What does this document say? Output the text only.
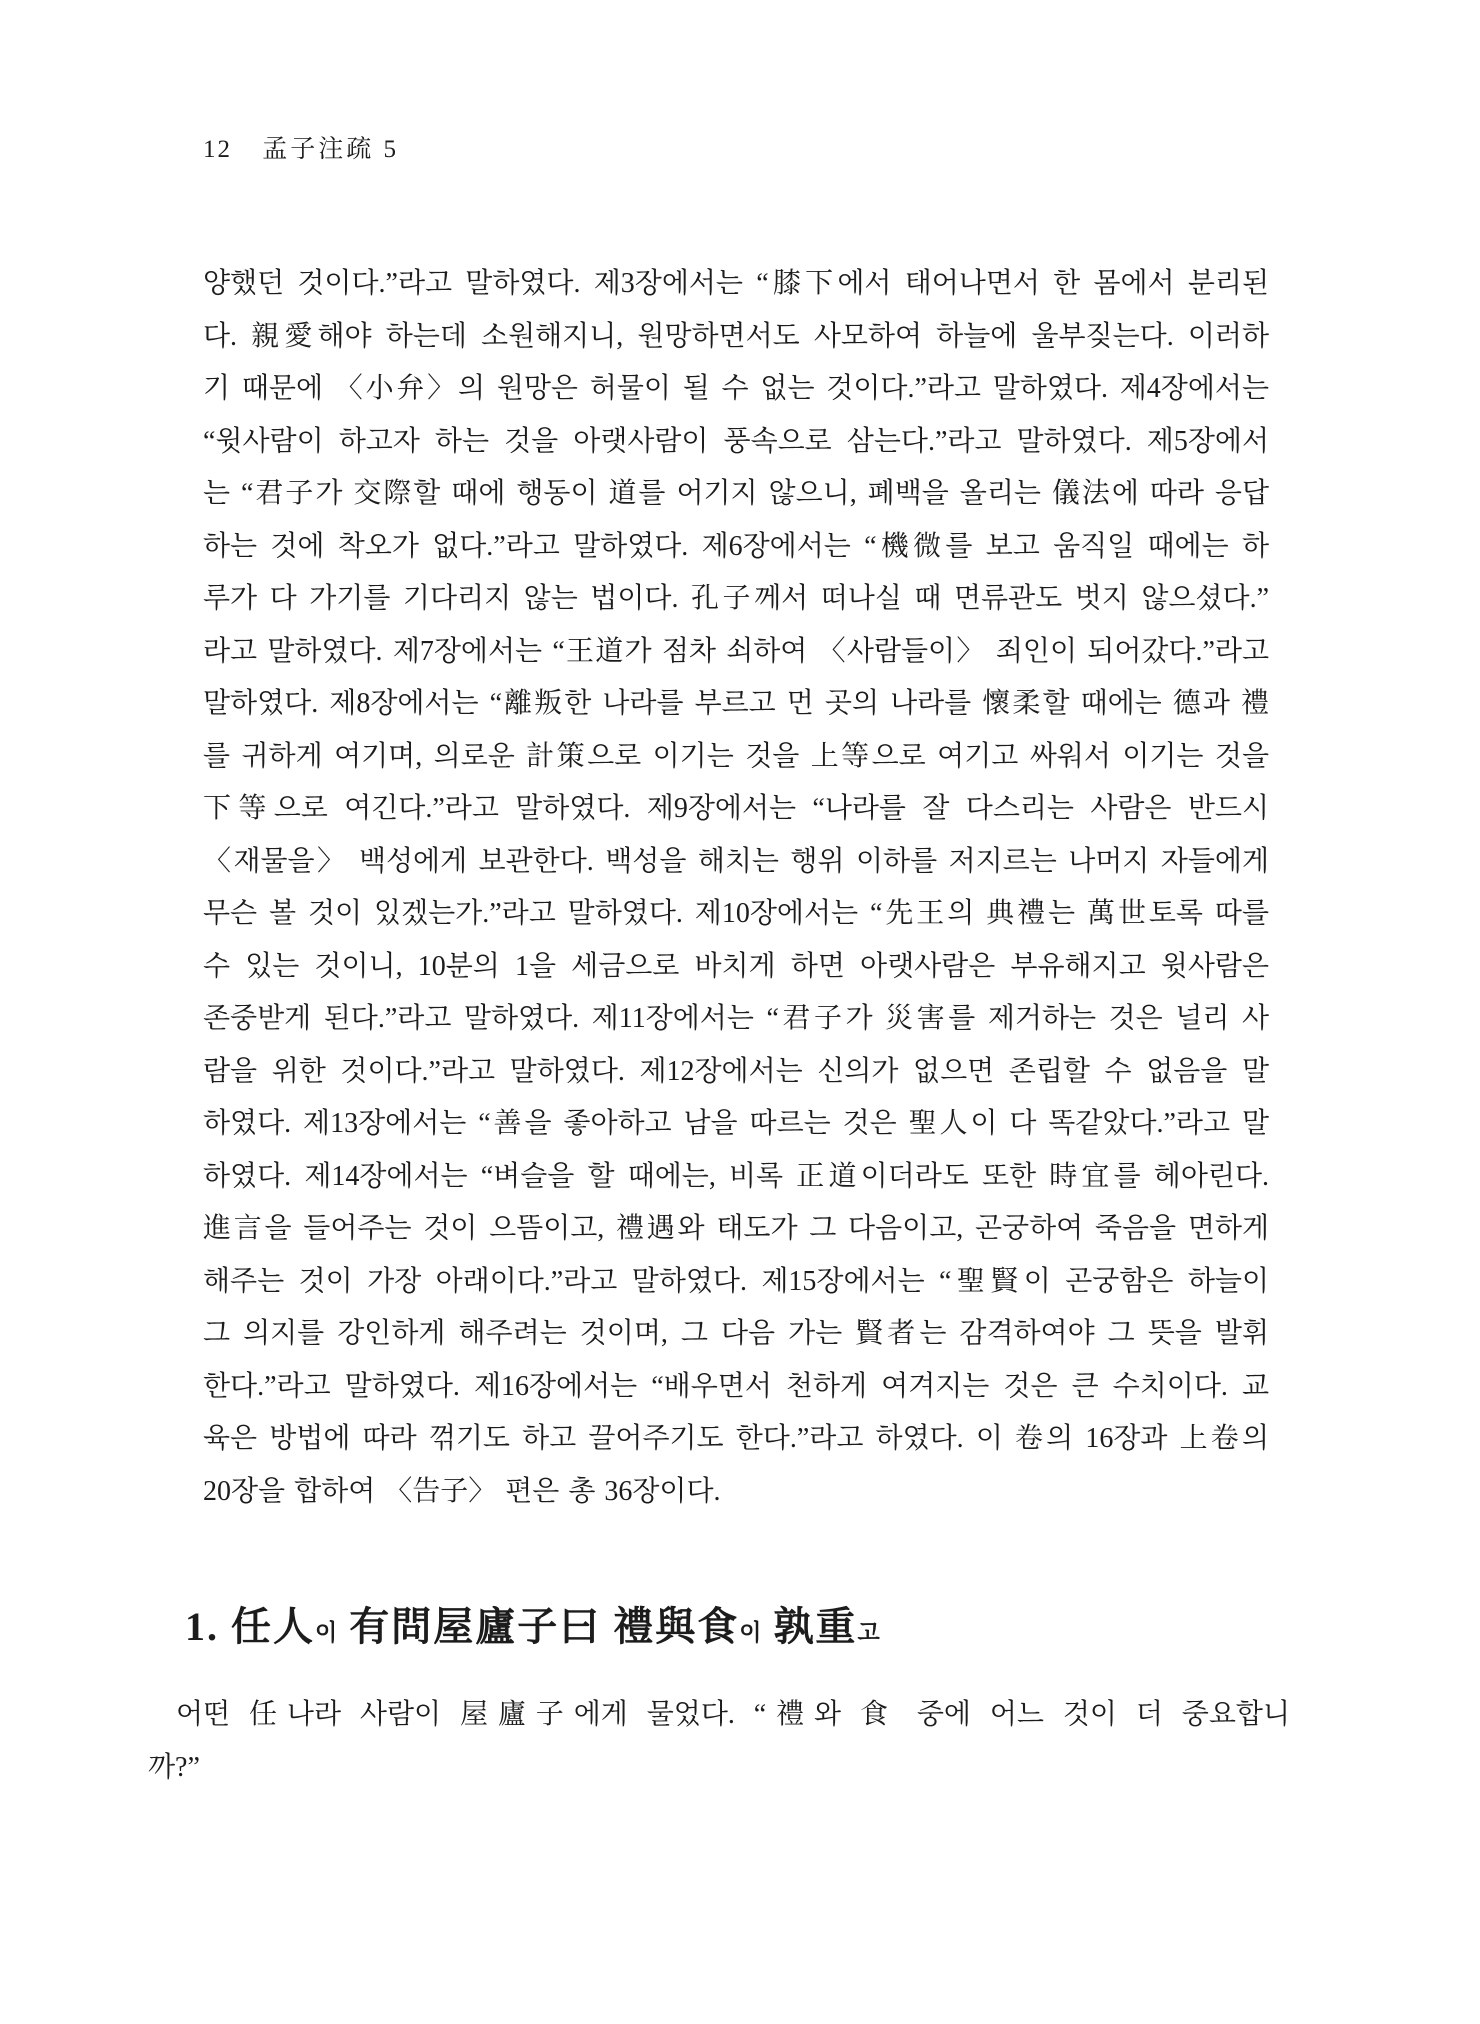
12 孟子注疏 5
양했던 것이다.”라고 말하였다. 제3장에서는 “膝下에서 태어나면서 한 몸에서 분리된
다. 親愛해야 하는데 소원해지니, 원망하면서도 사모하여 하늘에 울부짖는다. 이러하
기 때문에 〈小弁〉의 원망은 허물이 될 수 없는 것이다.”라고 말하였다. 제4장에서는
“윗사람이 하고자 하는 것을 아랫사람이 풍속으로 삼는다.”라고 말하였다. 제5장에서
는 “君子가 交際할 때에 행동이 道를 어기지 않으니, 폐백을 올리는 儀法에 따라 응답
하는 것에 착오가 없다.”라고 말하였다. 제6장에서는 “機微를 보고 움직일 때에는 하
루가 다 가기를 기다리지 않는 법이다. 孔子께서 떠나실 때 면류관도 벗지 않으셨다.”
라고 말하였다. 제7장에서는 “王道가 점차 쇠하여 〈사람들이〉 죄인이 되어갔다.”라고
말하였다. 제8장에서는 “離叛한 나라를 부르고 먼 곳의 나라를 懷柔할 때에는 德과 禮
를 귀하게 여기며, 의로운 計策으로 이기는 것을 上等으로 여기고 싸워서 이기는 것을
下等으로 여긴다.”라고 말하였다. 제9장에서는 “나라를 잘 다스리는 사람은 반드시
〈재물을〉 백성에게 보관한다. 백성을 해치는 행위 이하를 저지르는 나머지 자들에게
무슨 볼 것이 있겠는가.”라고 말하였다. 제10장에서는 “先王의 典禮는 萬世토록 따를
수 있는 것이니, 10분의 1을 세금으로 바치게 하면 아랫사람은 부유해지고 윗사람은
존중받게 된다.”라고 말하였다. 제11장에서는 “君子가 災害를 제거하는 것은 널리 사
람을 위한 것이다.”라고 말하였다. 제12장에서는 신의가 없으면 존립할 수 없음을 말
하였다. 제13장에서는 “善을 좋아하고 남을 따르는 것은 聖人이 다 똑같았다.”라고 말
하였다. 제14장에서는 “벼슬을 할 때에는, 비록 正道이더라도 또한 時宜를 헤아린다.
進言을 들어주는 것이 으뜸이고, 禮遇와 태도가 그 다음이고, 곤궁하여 죽음을 면하게
해주는 것이 가장 아래이다.”라고 말하였다. 제15장에서는 “聖賢이 곤궁함은 하늘이
그 의지를 강인하게 해주려는 것이며, 그 다음 가는 賢者는 감격하여야 그 뜻을 발휘
한다.”라고 말하였다. 제16장에서는 “배우면서 천하게 여겨지는 것은 큰 수치이다. 교
육은 방법에 따라 꺾기도 하고 끌어주기도 한다.”라고 하였다. 이 卷의 16장과 上卷의
20장을 합하여 〈告子〉 편은 총 36장이다.
1. 任人이 有問屋廬子曰 禮與食이 孰重고
어떤 任나라 사람이 屋廬子에게 물었다. “禮와 食 중에 어느 것이 더 중요합니
까?”
